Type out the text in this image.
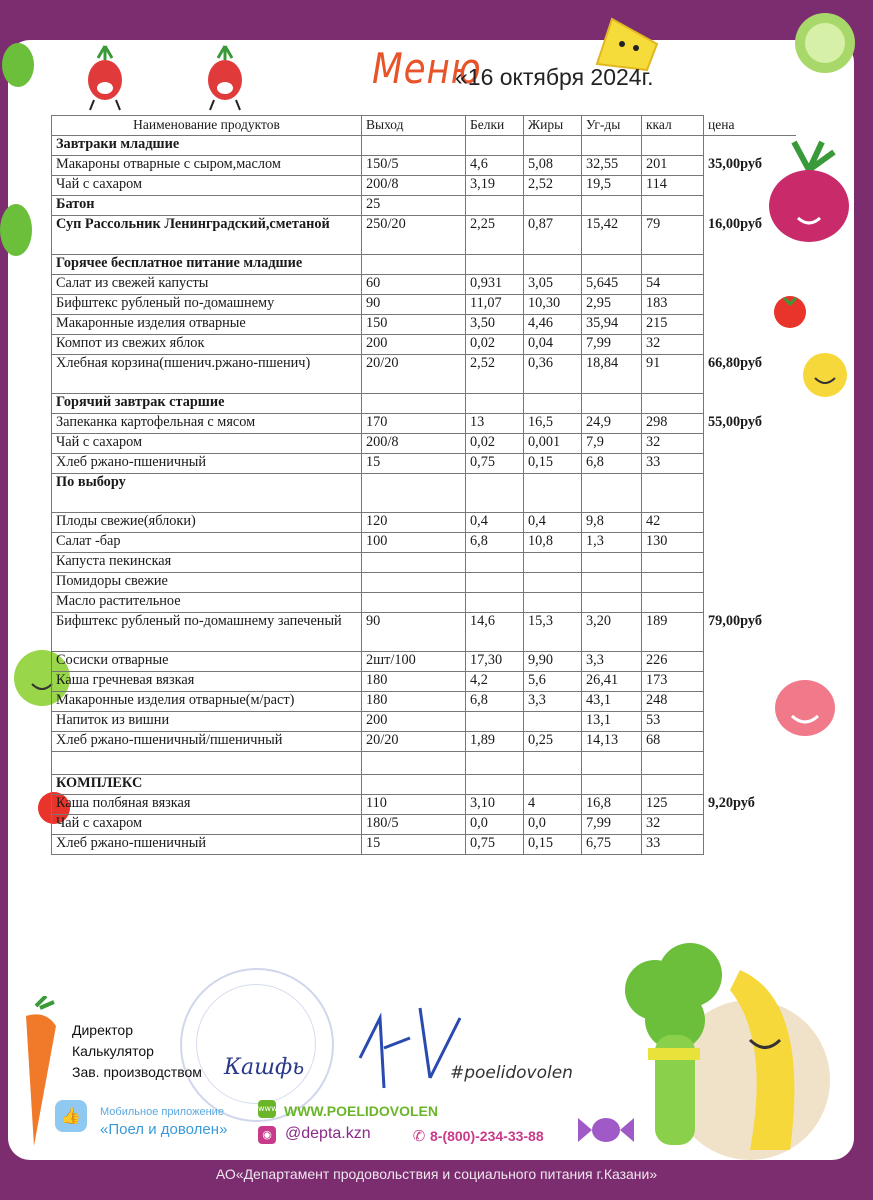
Меню
«16 октября 2024г.
Наименование продуктов	Выход	Белки	Жиры	Уг-ды	ккал	цена
Завтраки младшие						
Макароны отварные с сыром,маслом	150/5	4,6	5,08	32,55	201	35,00руб
Чай с сахаром	200/8	3,19	2,52	19,5	114	
Батон	25					
Суп Рассольник Ленинградский,сметаной	250/20	2,25	0,87	15,42	79	16,00руб
Горячее бесплатное питание младшие						
Салат из свежей капусты	60	0,931	3,05	5,645	54	
Бифштекс рубленый по-домашнему	90	11,07	10,30	2,95	183	
Макаронные изделия отварные	150	3,50	4,46	35,94	215	
Компот из свежих яблок	200	0,02	0,04	7,99	32	
Хлебная корзина(пшенич.ржано-пшенич)	20/20	2,52	0,36	18,84	91	66,80руб
Горячий завтрак старшие						
Запеканка картофельная с мясом	170	13	16,5	24,9	298	55,00руб
Чай с сахаром	200/8	0,02	0,001	7,9	32	
Хлеб ржано-пшеничный	15	0,75	0,15	6,8	33	
По выбору						
Плоды свежие(яблоки)	120	0,4	0,4	9,8	42	
Салат -бар	100	6,8	10,8	1,3	130	
Капуста пекинская						
Помидоры свежие						
Масло растительное						
Бифштекс рубленый по-домашнему запеченый	90	14,6	15,3	3,20	189	79,00руб
Сосиски отварные	2шт/100	17,30	9,90	3,3	226	
Каша гречневая вязкая	180	4,2	5,6	26,41	173	
Макаронные изделия отварные(м/раст)	180	6,8	3,3	43,1	248	
Напиток из вишни	200			13,1	53	
Хлеб ржано-пшеничный/пшеничный	20/20	1,89	0,25	14,13	68	

КОМПЛЕКС						
Каша полбяная вязкая	110	3,10	4	16,8	125	9,20руб
Чай с сахаром	180/5	0,0	0,0	7,99	32	
Хлеб ржано-пшеничный	15	0,75	0,15	6,75	33	
Директор
Калькулятор
Зав. производством Кашфь	#poelidovolen
👍	Мобильное приложение
«Поел и доволен»
www WWW.POELIDOVOLEN
◉ @depta.kzn	✆ 8-(800)-234-33-88
АО«Департамент продовольствия и социального питания г.Казани»
